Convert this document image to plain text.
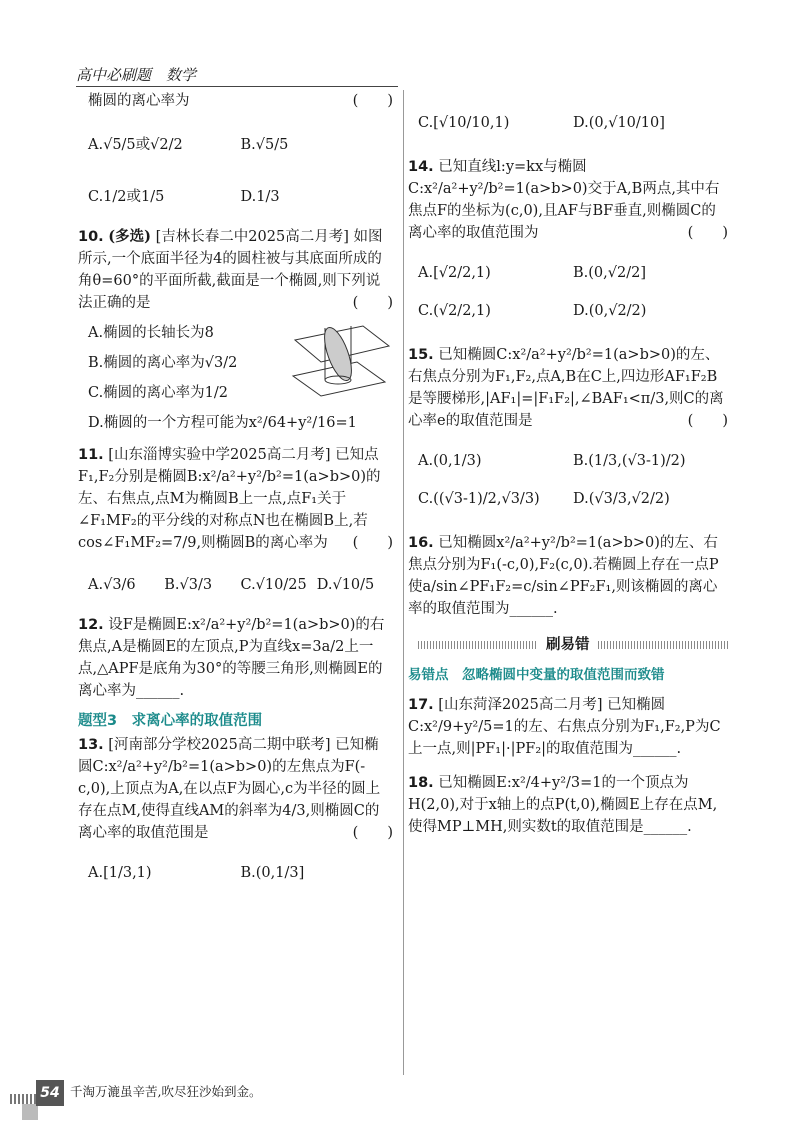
高中必刷题　数学
(　　)
椭圆的离心率为
A.√5/5或√2/2	B.√5/5
C.1/2或1/5	D.1/3
10. (多选) [吉林长春二中2025高二月考] 如图所示,一个底面半径为4的圆柱被与其底面所成的角θ=60°的平面所截,截面是一个椭圆,则下列说法正确的是	(　　)
A.椭圆的长轴长为8
B.椭圆的离心率为√3/2
C.椭圆的离心率为1/2
D.椭圆的一个方程可能为x²/64+y²/16=1
11. [山东淄博实验中学2025高二月考] 已知点F₁,F₂分别是椭圆B:x²/a²+y²/b²=1(a>b>0)的左、右焦点,点M为椭圆B上一点,点F₁关于∠F₁MF₂的平分线的对称点N也在椭圆B上,若cos∠F₁MF₂=7/9,则椭圆B的离心率为 (　　)
A.√3/6	B.√3/3	C.√10/25 D.√10/5
12. 设F是椭圆E:x²/a²+y²/b²=1(a>b>0)的右焦点,A是椭圆E的左顶点,P为直线x=3a/2上一点,△APF是底角为30°的等腰三角形,则椭圆E的离心率为______.
题型3　求离心率的取值范围
13. [河南部分学校2025高二期中联考] 已知椭圆C:x²/a²+y²/b²=1(a>b>0)的左焦点为F(-c,0),上顶点为A,在以点F为圆心,c为半径的圆上存在点M,使得直线AM的斜率为4/3,则椭圆C的离心率的取值范围是	(　　)
A.[1/3,1)	B.(0,1/3]
C.[√10/10,1)	D.(0,√10/10]
14. 已知直线l:y=kx与椭圆C:x²/a²+y²/b²=1(a>b>0)交于A,B两点,其中右焦点F的坐标为(c,0),且AF与BF垂直,则椭圆C的离心率的取值范围为	(　　)
A.[√2/2,1)	B.(0,√2/2]
C.(√2/2,1)	D.(0,√2/2)
15. 已知椭圆C:x²/a²+y²/b²=1(a>b>0)的左、右焦点分别为F₁,F₂,点A,B在C上,四边形AF₁F₂B是等腰梯形,|AF₁|=|F₁F₂|,∠BAF₁<π/3,则C的离心率e的取值范围是	(　　)
A.(0,1/3)	B.(1/3,(√3-1)/2)
C.((√3-1)/2,√3/3)	D.(√3/3,√2/2)
16. 已知椭圆x²/a²+y²/b²=1(a>b>0)的左、右焦点分别为F₁(-c,0),F₂(c,0).若椭圆上存在一点P使a/sin∠PF₁F₂=c/sin∠PF₂F₁,则该椭圆的离心率的取值范围为______.
刷易错
易错点　忽略椭圆中变量的取值范围而致错
17. [山东菏泽2025高二月考] 已知椭圆C:x²/9+y²/5=1的左、右焦点分别为F₁,F₂,P为C上一点,则|PF₁|·|PF₂|的取值范围为______.
18. 已知椭圆E:x²/4+y²/3=1的一个顶点为H(2,0),对于x轴上的点P(t,0),椭圆E上存在点M,使得MP⊥MH,则实数t的取值范围是______.
54 千淘万漉虽辛苦,吹尽狂沙始到金。
